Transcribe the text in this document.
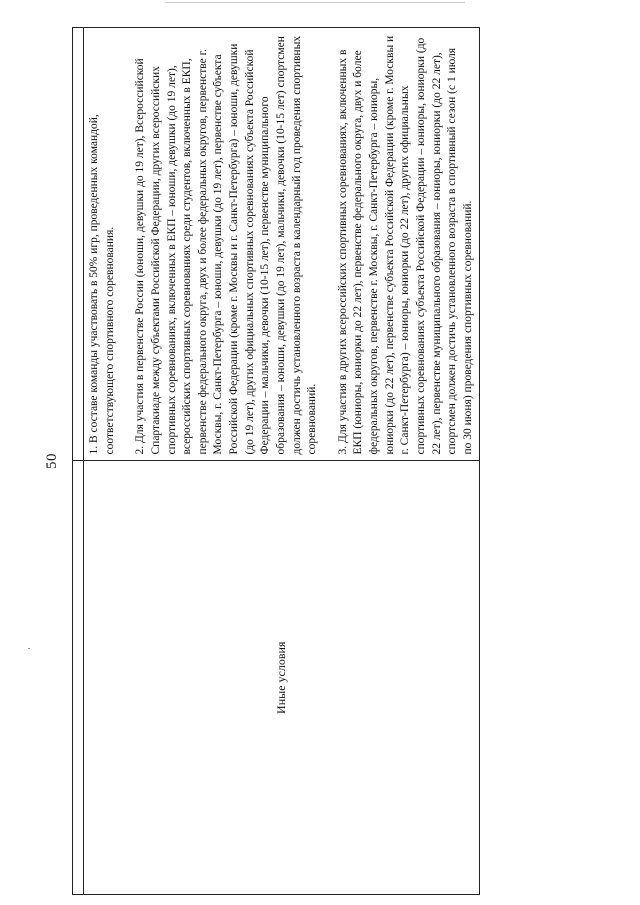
50

Иные условия	1. В составе команды участвовать в 50% игр, проведенных командой, соответствующего спортивного соревнования. 2. Для участия в первенстве России (юноши, девушки до 19 лет), Всероссийской Спартакиаде между субъектами Российской Федерации, других всероссийских спортивных соревнованиях, включенных в ЕКП – юноши, девушки (до 19 лет), всероссийских спортивных соревнованиях среди студентов, включенных в ЕКП, первенстве федерального округа, двух и более федеральных округов, первенстве г. Москвы, г. Санкт-Петербурга – юноши, девушки (до 19 лет), первенстве субъекта Российской Федерации (кроме г. Москвы и г. Санкт-Петербурга) – юноши, девушки (до 19 лет), других официальных спортивных соревнованиях субъекта Российской Федерации – мальчики, девочки (10-15 лет), первенстве муниципального образования – юноши, девушки (до 19 лет), мальчики, девочки (10-15 лет) спортсмен должен достичь установленного возраста в календарный год проведения спортивных соревнований. 3. Для участия в других всероссийских спортивных соревнованиях, включенных в ЕКП (юниоры, юниорки до 22 лет), первенстве федерального округа, двух и более федеральных округов, первенстве г. Москвы, г. Санкт-Петербурга – юниоры, юниорки (до 22 лет), первенстве субъекта Российской Федерации (кроме г. Москвы и г. Санкт-Петербурга) – юниоры, юниорки (до 22 лет), других официальных спортивных соревнованиях субъекта Российской Федерации – юниоры, юниорки (до 22 лет), первенстве муниципального образования – юниоры, юниорки (до 22 лет), спортсмен должен достичь установленного возраста в спортивный сезон (с 1 июля по 30 июня) проведения спортивных соревнований.
